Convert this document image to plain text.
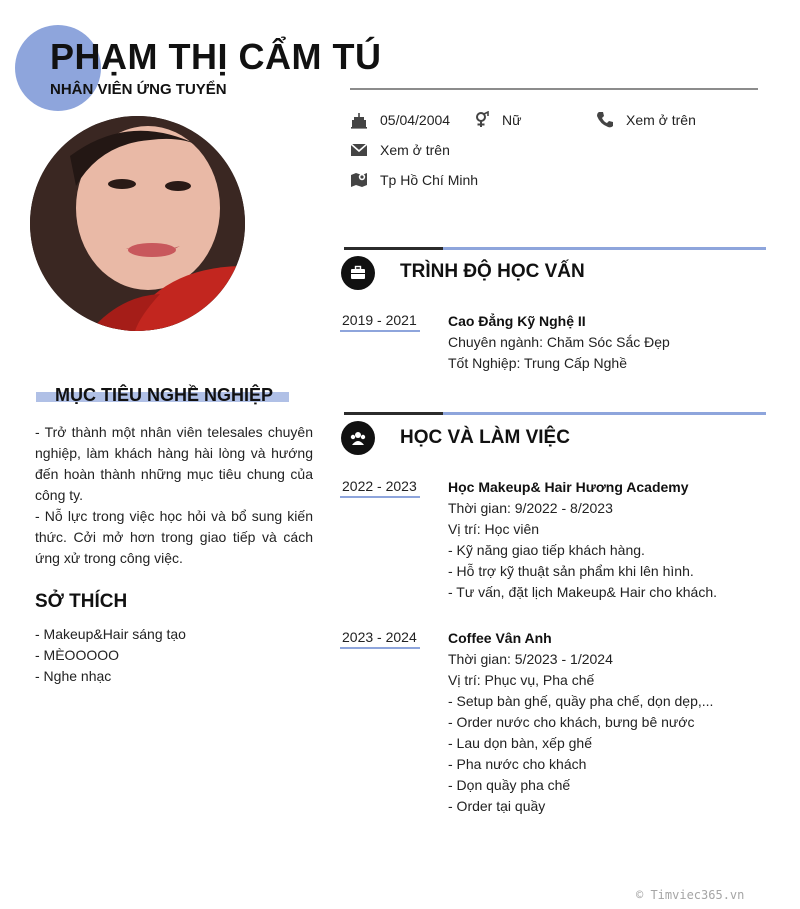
PHẠM THỊ CẨM TÚ
NHÂN VIÊN ỨNG TUYỂN
05/04/2004	Nữ	Xem ở trên
Xem ở trên
Tp Hồ Chí Minh
MỤC TIÊU NGHỀ NGHIỆP

- Trở thành một nhân viên telesales chuyên nghiệp, làm khách hàng hài lòng và hướng đến hoàn thành những mục tiêu chung của công ty.

- Nỗ lực trong việc học hỏi và bổ sung kiến thức. Cởi mở hơn trong giao tiếp và cách ứng xử trong công việc.

SỞ THÍCH
- Makeup&Hair sáng tạo
- MÈOOOOO
- Nghe nhạc
TRÌNH ĐỘ HỌC VẤN
2019 - 2021 Cao Đẳng Kỹ Nghệ II
Chuyên ngành: Chăm Sóc Sắc Đẹp
Tốt Nghiệp: Trung Cấp Nghề
HỌC VÀ LÀM VIỆC
2022 - 2023 Học Makeup& Hair Hương Academy
Thời gian: 9/2022 - 8/2023
Vị trí: Học viên
- Kỹ năng giao tiếp khách hàng.
- Hỗ trợ kỹ thuật sản phẩm khi lên hình.
- Tư vấn, đặt lịch Makeup& Hair cho khách.
2023 - 2024 Coffee Vân Anh
Thời gian: 5/2023 - 1/2024
Vị trí: Phục vụ, Pha chế
- Setup bàn ghế, quầy pha chế, dọn dẹp,...
- Order nước cho khách, bưng bê nước
- Lau dọn bàn, xếp ghế
- Pha nước cho khách
- Dọn quầy pha chế
- Order tại quầy
© Timviec365.vn
